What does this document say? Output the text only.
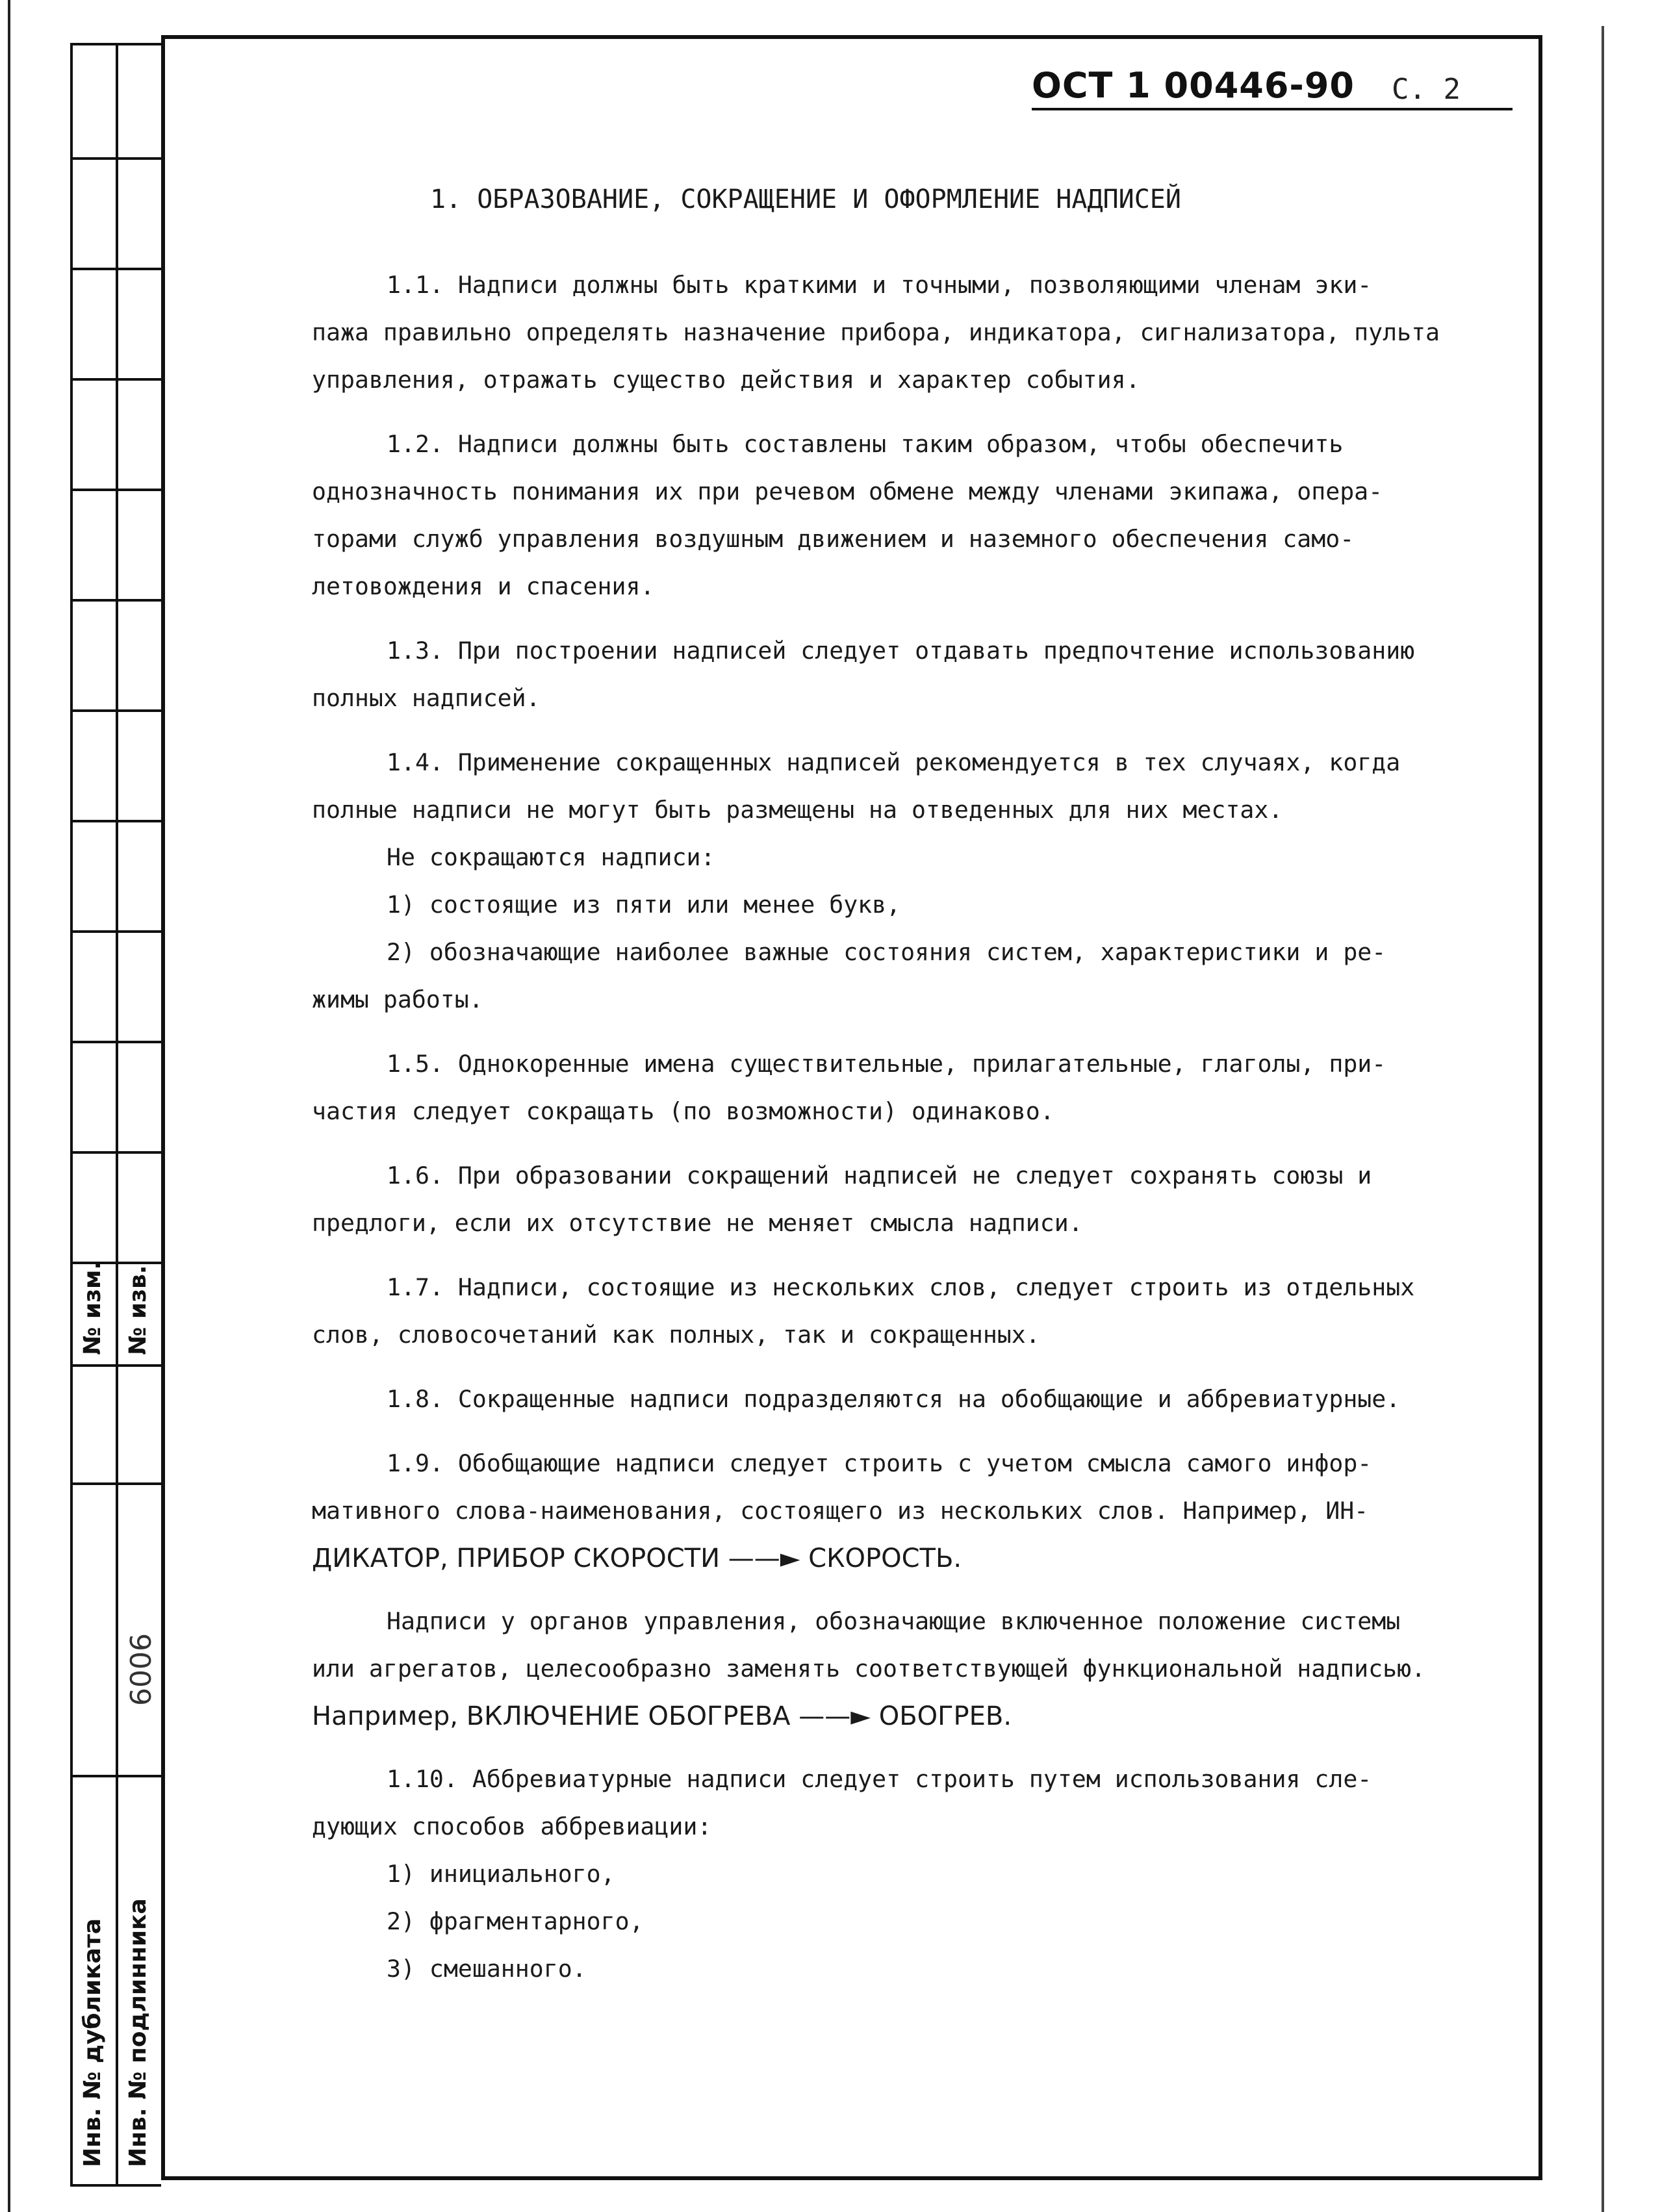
№ изм. № изв.
6006
Инв. № дубликата Инв. № подлинника
ОСТ 1 00446-90 С. 2
1. ОБРАЗОВАНИЕ, СОКРАЩЕНИЕ И ОФОРМЛЕНИЕ НАДПИСЕЙ
1.1. Надписи должны быть краткими и точными, позволяющими членам эки-
пажа правильно определять назначение прибора, индикатора, сигнализатора, пульта
управления, отражать существо действия и характер события.
1.2. Надписи должны быть составлены таким образом, чтобы обеспечить
однозначность понимания их при речевом обмене между членами экипажа, опера-
торами служб управления воздушным движением и наземного обеспечения само-
летовождения и спасения.
1.3. При построении надписей следует отдавать предпочтение использованию
полных надписей.
1.4. Применение сокращенных надписей рекомендуется в тех случаях, когда
полные надписи не могут быть размещены на отведенных для них местах.
Не сокращаются надписи:
1) состоящие из пяти или менее букв,
2) обозначающие наиболее важные состояния систем, характеристики и ре-
жимы работы.
1.5. Однокоренные имена существительные, прилагательные, глаголы, при-
частия следует сокращать (по возможности) одинаково.
1.6. При образовании сокращений надписей не следует сохранять союзы и
предлоги, если их отсутствие не меняет смысла надписи.
1.7. Надписи, состоящие из нескольких слов, следует строить из отдельных
слов, словосочетаний как полных, так и сокращенных.
1.8. Сокращенные надписи подразделяются на обобщающие и аббревиатурные.
1.9. Обобщающие надписи следует строить с учетом смысла самого инфор-
мативного слова-наименования, состоящего из нескольких слов. Например, ИН-
ДИКАТОР, ПРИБОР СКОРОСТИ ——► СКОРОСТЬ.
Надписи у органов управления, обозначающие включенное положение системы
или агрегатов, целесообразно заменять соответствующей функциональной надписью.
Например, ВКЛЮЧЕНИЕ ОБОГРЕВА ——► ОБОГРЕВ.
1.10. Аббревиатурные надписи следует строить путем использования сле-
дующих способов аббревиации:
1) инициального,
2) фрагментарного,
3) смешанного.
